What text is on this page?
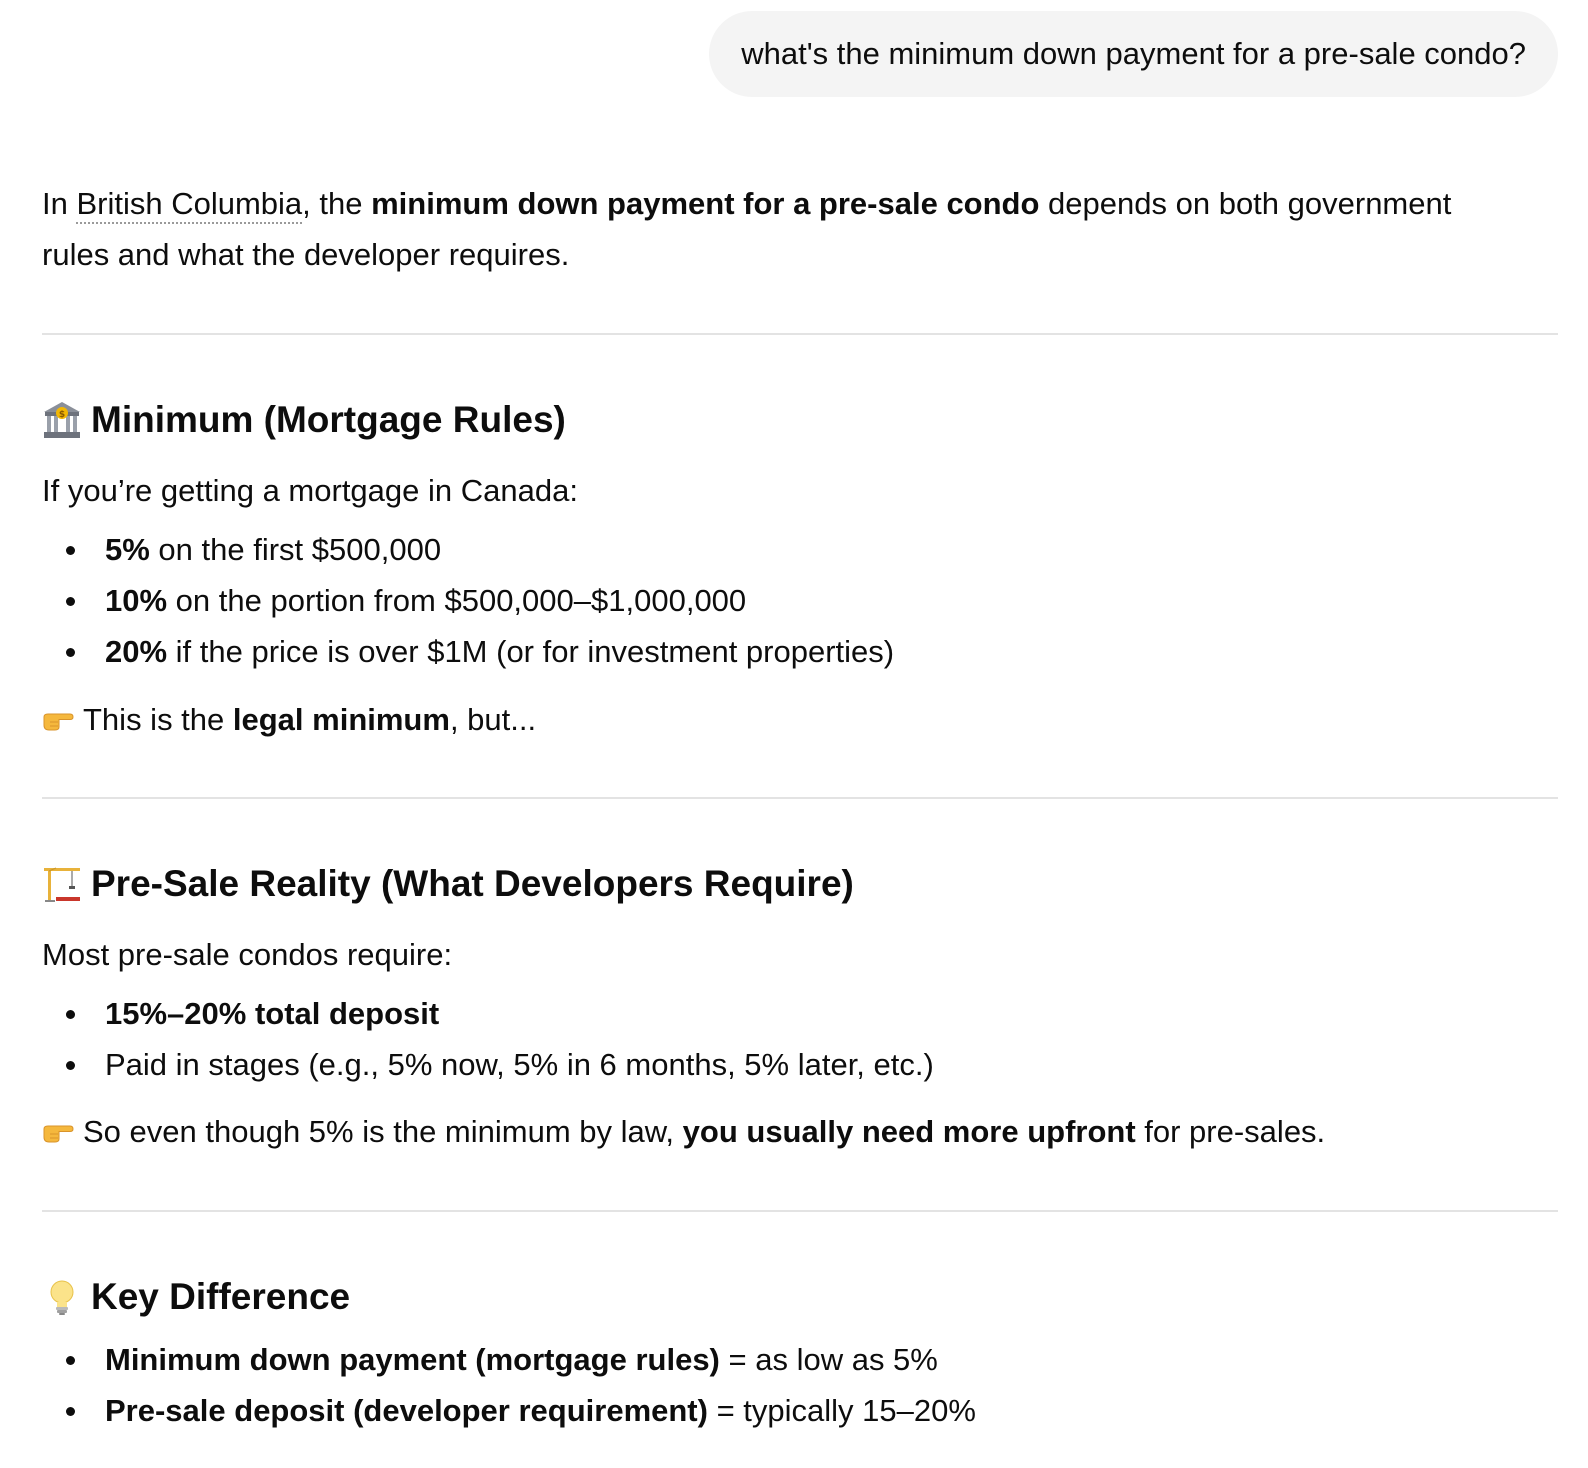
what's the minimum down payment for a pre-sale condo?
In British Columbia, the minimum down payment for a pre-sale condo depends on both government
rules and what the developer requires.
$ Minimum (Mortgage Rules)
If you’re getting a mortgage in Canada:
5% on the first $500,000
10% on the portion from $500,000–$1,000,000
20% if the price is over $1M (or for investment properties)
This is the legal minimum, but...
Pre-Sale Reality (What Developers Require)
Most pre-sale condos require:
15%–20% total deposit
Paid in stages (e.g., 5% now, 5% in 6 months, 5% later, etc.)
So even though 5% is the minimum by law, you usually need more upfront for pre-sales.
Key Difference
Minimum down payment (mortgage rules) = as low as 5%
Pre-sale deposit (developer requirement) = typically 15–20%
